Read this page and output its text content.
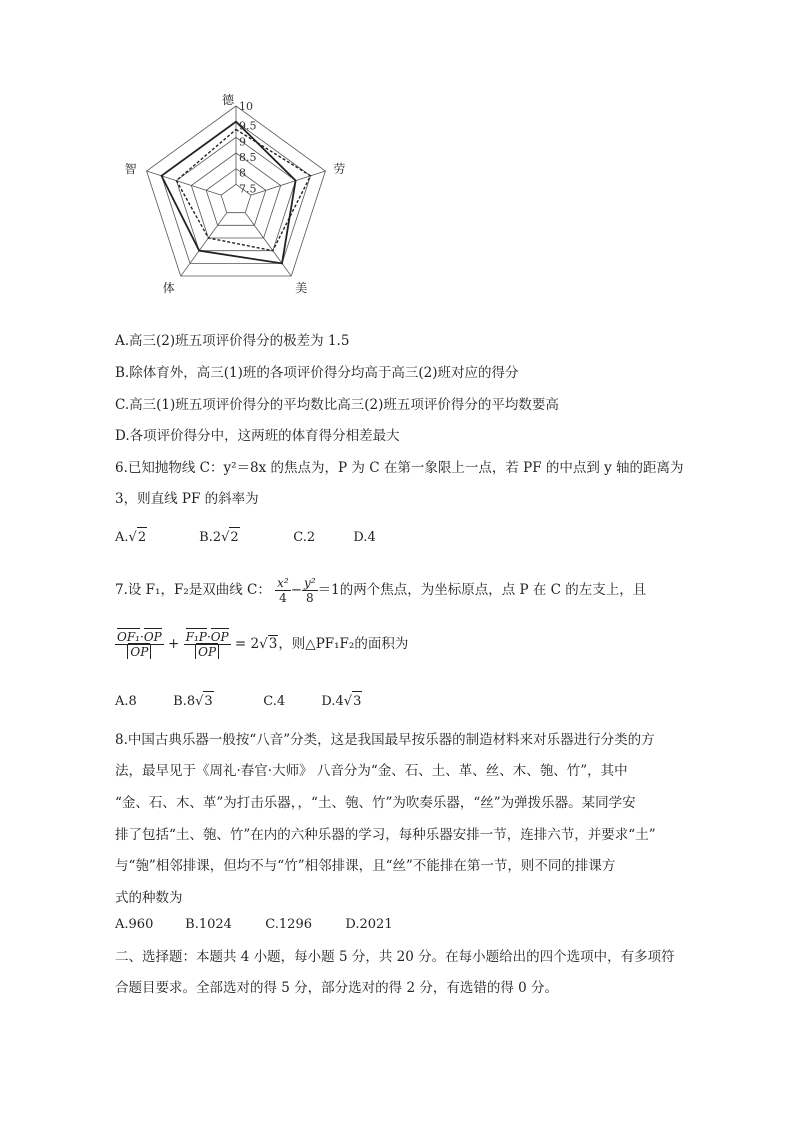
10
9.5
9
8.5
8
7.5
德
劳
美
体
智
A.高三(2)班五项评价得分的极差为 1.5
B.除体育外，高三(1)班的各项评价得分均高于高三(2)班对应的得分
C.高三(1)班五项评价得分的平均数比高三(2)班五项评价得分的平均数要高
D.各项评价得分中，这两班的体育得分相差最大
6.已知抛物线 C：y²＝8x 的焦点为，P 为 C 在第一象限上一点，若 PF 的中点到 y 轴的距离为
3，则直线 PF 的斜率为
A.√2	B.2√2	C.2	D.4
7.设 F₁，F₂是双曲线 C： $\frac{\text{x²}}{4} - \frac{\text{y²}}{8} =1$的两个焦点，为坐标原点，点 P 在 C 的左支上，且
$\frac{\text{OF₁·OP}}{OP} + \frac{\text{F₁P·OP}}{OP} = 2√3$，则△PF₁F₂的面积为
A.8	B.8√3	C.4	D.4√3
8.中国古典乐器一般按“八音”分类，这是我国最早按乐器的制造材料来对乐器进行分类的方
法，最早见于《周礼·春官·大师》 八音分为“金、石、土、革、丝、木、匏、竹”，其中
“金、石、木、革”为打击乐器，，“土、匏、竹”为吹奏乐器，“丝”为弹拨乐器。某同学安
排了包括“土、匏、竹”在内的六种乐器的学习，每种乐器安排一节，连排六节，并要求“土”
与“匏”相邻排课，但均不与“竹”相邻排课，且“丝”不能排在第一节，则不同的排课方
式的种数为
A.960 B.1024	C.1296	D.2021
二、选择题：本题共 4 小题，每小题 5 分，共 20 分。在每小题给出的四个选项中，有多项符
合题目要求。全部选对的得 5 分，部分选对的得 2 分，有选错的得 0 分。
